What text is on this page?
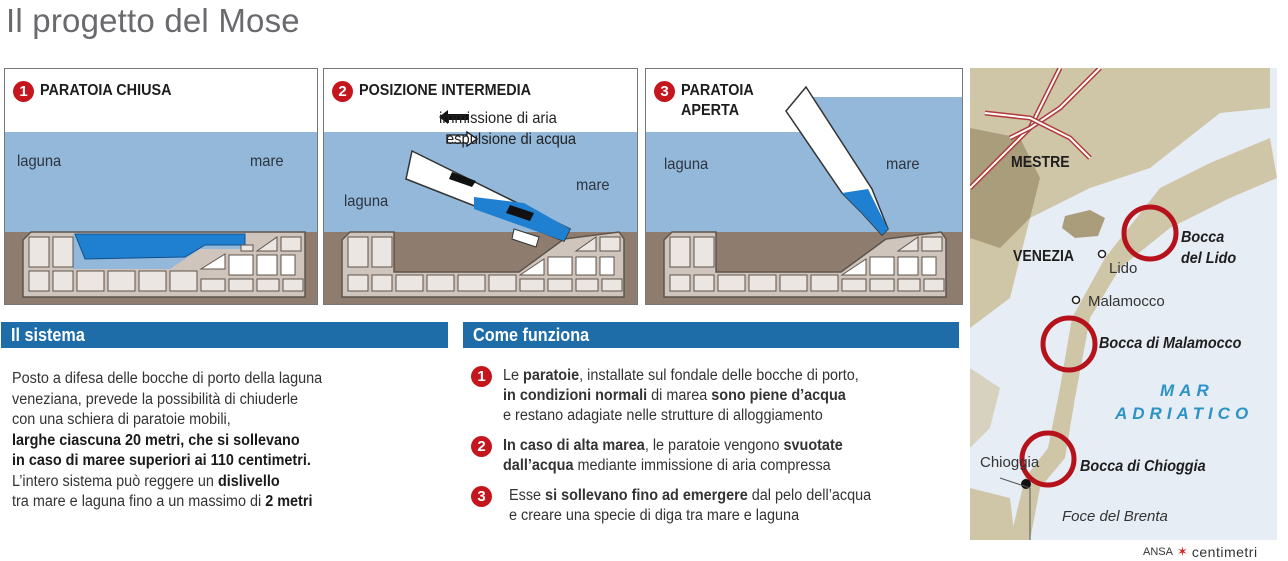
Il progetto del Mose
1 PARATOIA CHIUSA
laguna	mare
2 POSIZIONE INTERMEDIA
immissione di aria
espulsione di acqua
laguna
mare
3 PARATOIA
APERTA
laguna	mare
Il sistema
Posto a difesa delle bocche di porto della laguna
veneziana, prevede la possibilità di chiuderle
con una schiera di paratoie mobili,
larghe ciascuna 20 metri, che si sollevano
in caso di maree superiori ai 110 centimetri.
L’intero sistema può reggere un dislivello
tra mare e laguna fino a un massimo di 2 metri
Come funziona
1	Le paratoie, installate sul fondale delle bocche di porto,
in condizioni normali di marea sono piene d’acqua
e restano adagiate nelle strutture di alloggiamento
2	In caso di alta marea, le paratoie vengono svuotate
dall’acqua mediante immissione di aria compressa
3	Esse si sollevano fino ad emergere dal pelo dell’acqua
e creare una specie di diga tra mare e laguna
MESTRE
VENEZIA
Lido
Malamocco
Chioggia
Bocca
del Lido
Bocca di Malamocco
Bocca di Chioggia
MAR
ADRIATICO
Foce del Brenta
ANSA ✶ centimetri
